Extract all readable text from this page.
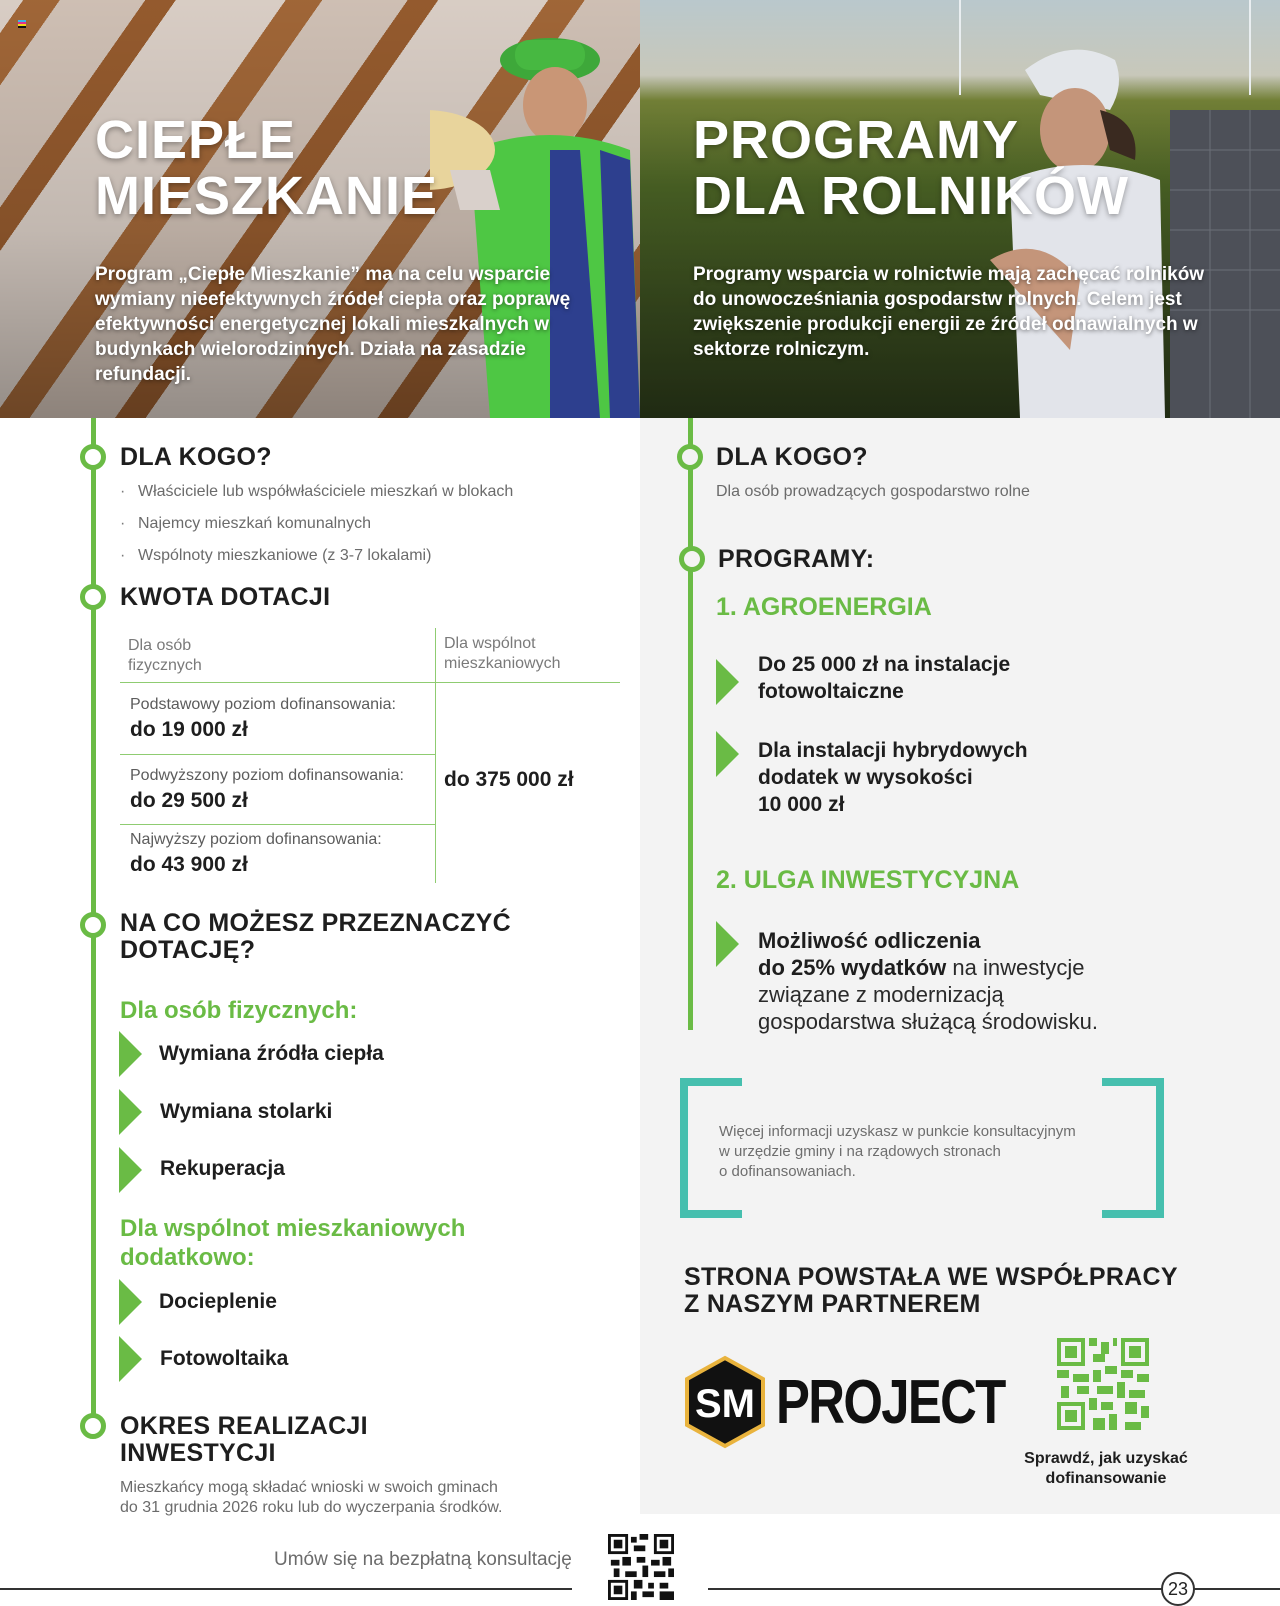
CIEPŁE
MIESZKANIE

Program „Ciepłe Mieszkanie” ma na celu wsparcie wymiany nieefektywnych źródeł ciepła oraz poprawę efektywności energetycznej lokali mieszkalnych w budynkach wielorodzinnych. Działa na zasadzie refundacji.

PROGRAMY
DLA ROLNIKÓW

Programy wsparcia w rolnictwie mają zachęcać rolników do unowocześniania gospodarstw rolnych. Celem jest zwiększenie produkcji energii ze źródeł odnawialnych w sektorze rolniczym.

DLA KOGO?
· Właściciele lub współwłaściciele mieszkań w blokach
· Najemcy mieszkań komunalnych
· Wspólnoty mieszkaniowe (z 3-7 lokalami)
KWOTA DOTACJI
Dla osób
fizycznych
Dla wspólnot
mieszkaniowych
Podstawowy poziom dofinansowania:
do 19 000 zł
Podwyższony poziom dofinansowania:
do 29 500 zł
Najwyższy poziom dofinansowania:
do 43 900 zł
do 375 000 zł
NA CO MOŻESZ PRZEZNACZYĆ
DOTACJĘ?
Dla osób fizycznych:
Wymiana źródła ciepła
Wymiana stolarki
Rekuperacja
Dla wspólnot mieszkaniowych
dodatkowo:
Docieplenie
Fotowoltaika
OKRES REALIZACJI
INWESTYCJI
Mieszkańcy mogą składać wnioski w swoich gminach
do 31 grudnia 2026 roku lub do wyczerpania środków.
DLA KOGO?
Dla osób prowadzących gospodarstwo rolne
PROGRAMY:
1. AGROENERGIA
Do 25 000 zł na instalacje
fotowoltaiczne
Dla instalacji hybrydowych
dodatek w wysokości
10 000 zł
2. ULGA INWESTYCYJNA
Możliwość odliczenia
do 25% wydatków na inwestycje
związane z modernizacją
gospodarstwa służącą środowisku.
Więcej informacji uzyskasz w punkcie konsultacyjnym
w urzędzie gminy i na rządowych stronach
o dofinansowaniach.
STRONA POWSTAŁA WE WSPÓŁPRACY
Z NASZYM PARTNEREM
SM PROJECT
Sprawdź, jak uzyskać
dofinansowanie
Umów się na bezpłatną konsultację
23
